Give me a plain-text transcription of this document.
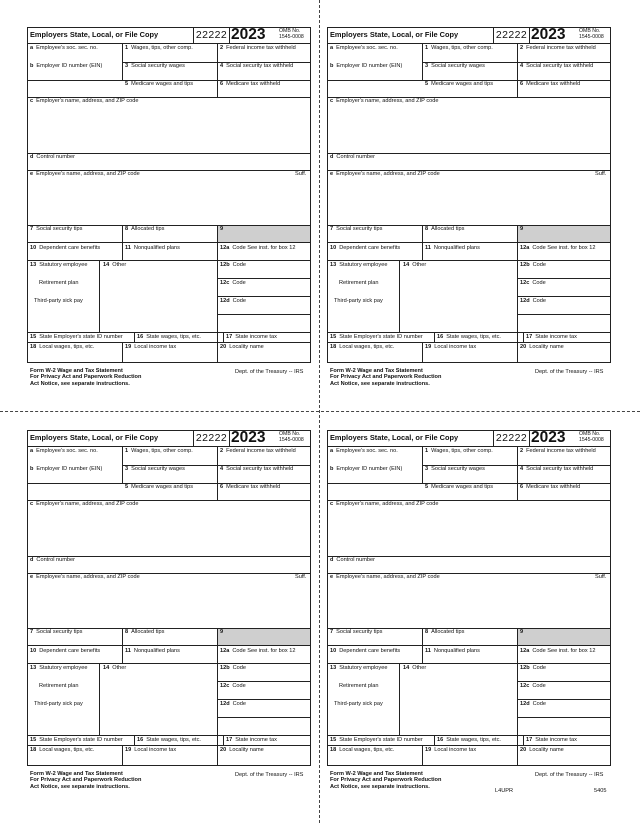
Employers State, Local, or File Copy	22222 2023	OMB No.
1545-0008
a Employee's soc. sec. no.	1 Wages, tips, other comp.	2 Federal income tax withheld
b Employer ID number (EIN)	3 Social security wages	4 Social security tax withheld
5 Medicare wages and tips	6 Medicare tax withheld
c Employer's name, address, and ZIP code
d Control number
e Employee's name, address, and ZIP code	Suff.
7 Social security tips	8 Allocated tips	9
10 Dependent care benefits	11 Nonqualified plans	12a Code See inst. for box 12
13 Statutory employee	14 Other	12b Code
Retirement plan	12c Code
Third-party sick pay	12d Code
15 State Employer's state ID number	16 State wages, tips, etc.	17 State income tax
18 Local wages, tips, etc.	19 Local income tax	20 Locality name
Form W-2 Wage and Tax Statement
For Privacy Act and Paperwork Reduction
Act Notice, see separate instructions.
Dept. of the Treasury -- IRS
Employers State, Local, or File Copy	22222 2023	OMB No.
1545-0008
a Employee's soc. sec. no.	1 Wages, tips, other comp.	2 Federal income tax withheld
b Employer ID number (EIN)	3 Social security wages	4 Social security tax withheld
5 Medicare wages and tips	6 Medicare tax withheld
c Employer's name, address, and ZIP code
d Control number
e Employee's name, address, and ZIP code	Suff.
7 Social security tips	8 Allocated tips	9
10 Dependent care benefits	11 Nonqualified plans	12a Code See inst. for box 12
13 Statutory employee	14 Other	12b Code
Retirement plan	12c Code
Third-party sick pay	12d Code
15 State Employer's state ID number	16 State wages, tips, etc.	17 State income tax
18 Local wages, tips, etc.	19 Local income tax	20 Locality name
Form W-2 Wage and Tax Statement
For Privacy Act and Paperwork Reduction
Act Notice, see separate instructions.
Dept. of the Treasury -- IRS
Employers State, Local, or File Copy	22222 2023	OMB No.
1545-0008
a Employee's soc. sec. no.	1 Wages, tips, other comp.	2 Federal income tax withheld
b Employer ID number (EIN)	3 Social security wages	4 Social security tax withheld
5 Medicare wages and tips	6 Medicare tax withheld
c Employer's name, address, and ZIP code
d Control number
e Employee's name, address, and ZIP code	Suff.
7 Social security tips	8 Allocated tips	9
10 Dependent care benefits	11 Nonqualified plans	12a Code See inst. for box 12
13 Statutory employee	14 Other	12b Code
Retirement plan	12c Code
Third-party sick pay	12d Code
15 State Employer's state ID number	16 State wages, tips, etc.	17 State income tax
18 Local wages, tips, etc.	19 Local income tax	20 Locality name
Form W-2 Wage and Tax Statement
For Privacy Act and Paperwork Reduction
Act Notice, see separate instructions.
Dept. of the Treasury -- IRS
Employers State, Local, or File Copy	22222 2023	OMB No.
1545-0008
a Employee's soc. sec. no.	1 Wages, tips, other comp.	2 Federal income tax withheld
b Employer ID number (EIN)	3 Social security wages	4 Social security tax withheld
5 Medicare wages and tips	6 Medicare tax withheld
c Employer's name, address, and ZIP code
d Control number
e Employee's name, address, and ZIP code	Suff.
7 Social security tips	8 Allocated tips	9
10 Dependent care benefits	11 Nonqualified plans	12a Code See inst. for box 12
13 Statutory employee	14 Other	12b Code
Retirement plan	12c Code
Third-party sick pay	12d Code
15 State Employer's state ID number	16 State wages, tips, etc.	17 State income tax
18 Local wages, tips, etc.	19 Local income tax	20 Locality name
Form W-2 Wage and Tax Statement
For Privacy Act and Paperwork Reduction
Act Notice, see separate instructions.
Dept. of the Treasury -- IRS
L4UPR	5405
